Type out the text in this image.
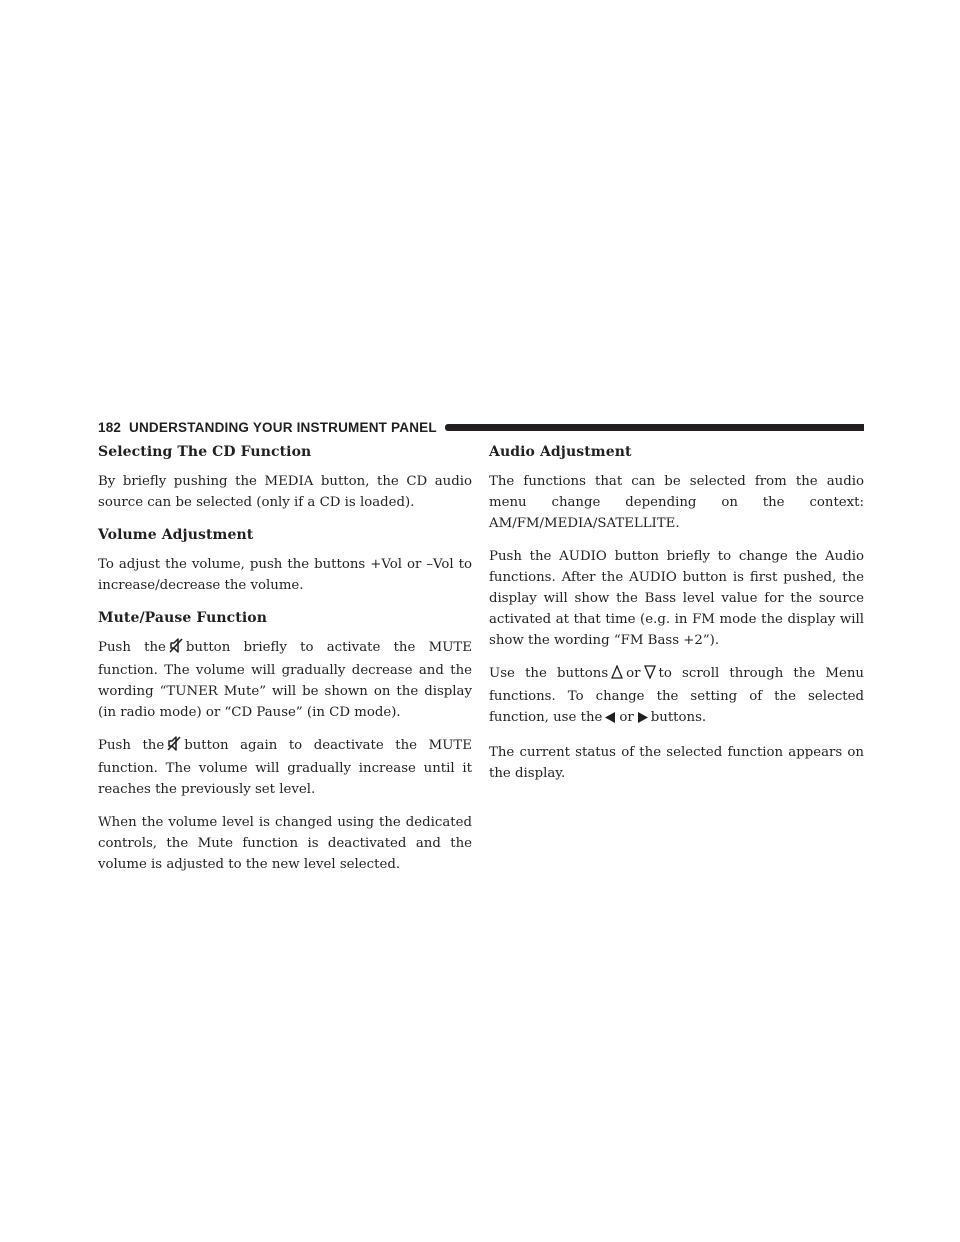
182 UNDERSTANDING YOUR INSTRUMENT PANEL
Selecting The CD Function

By briefly pushing the MEDIA button, the CD audio source can be selected (only if a CD is loaded).

Volume Adjustment

To adjust the volume, push the buttons +Vol or –Vol to increase/decrease the volume.

Mute/Pause Function

Push the button briefly to activate the MUTE function. The volume will gradually decrease and the wording “TUNER Mute” will be shown on the display (in radio mode) or “CD Pause” (in CD mode).

Push the button again to deactivate the MUTE function. The volume will gradually increase until it reaches the previously set level.

When the volume level is changed using the dedicated controls, the Mute function is deactivated and the volume is adjusted to the new level selected.

Audio Adjustment

The functions that can be selected from the audio menu change depending on the context: AM/FM/MEDIA/SATELLITE.

Push the AUDIO button briefly to change the Audio functions. After the AUDIO button is first pushed, the display will show the Bass level value for the source activated at that time (e.g. in FM mode the display will show the wording “FM Bass +2”).

Use the buttons or to scroll through the Menu functions. To change the setting of the selected function, use the or buttons.

The current status of the selected function appears on the display.
